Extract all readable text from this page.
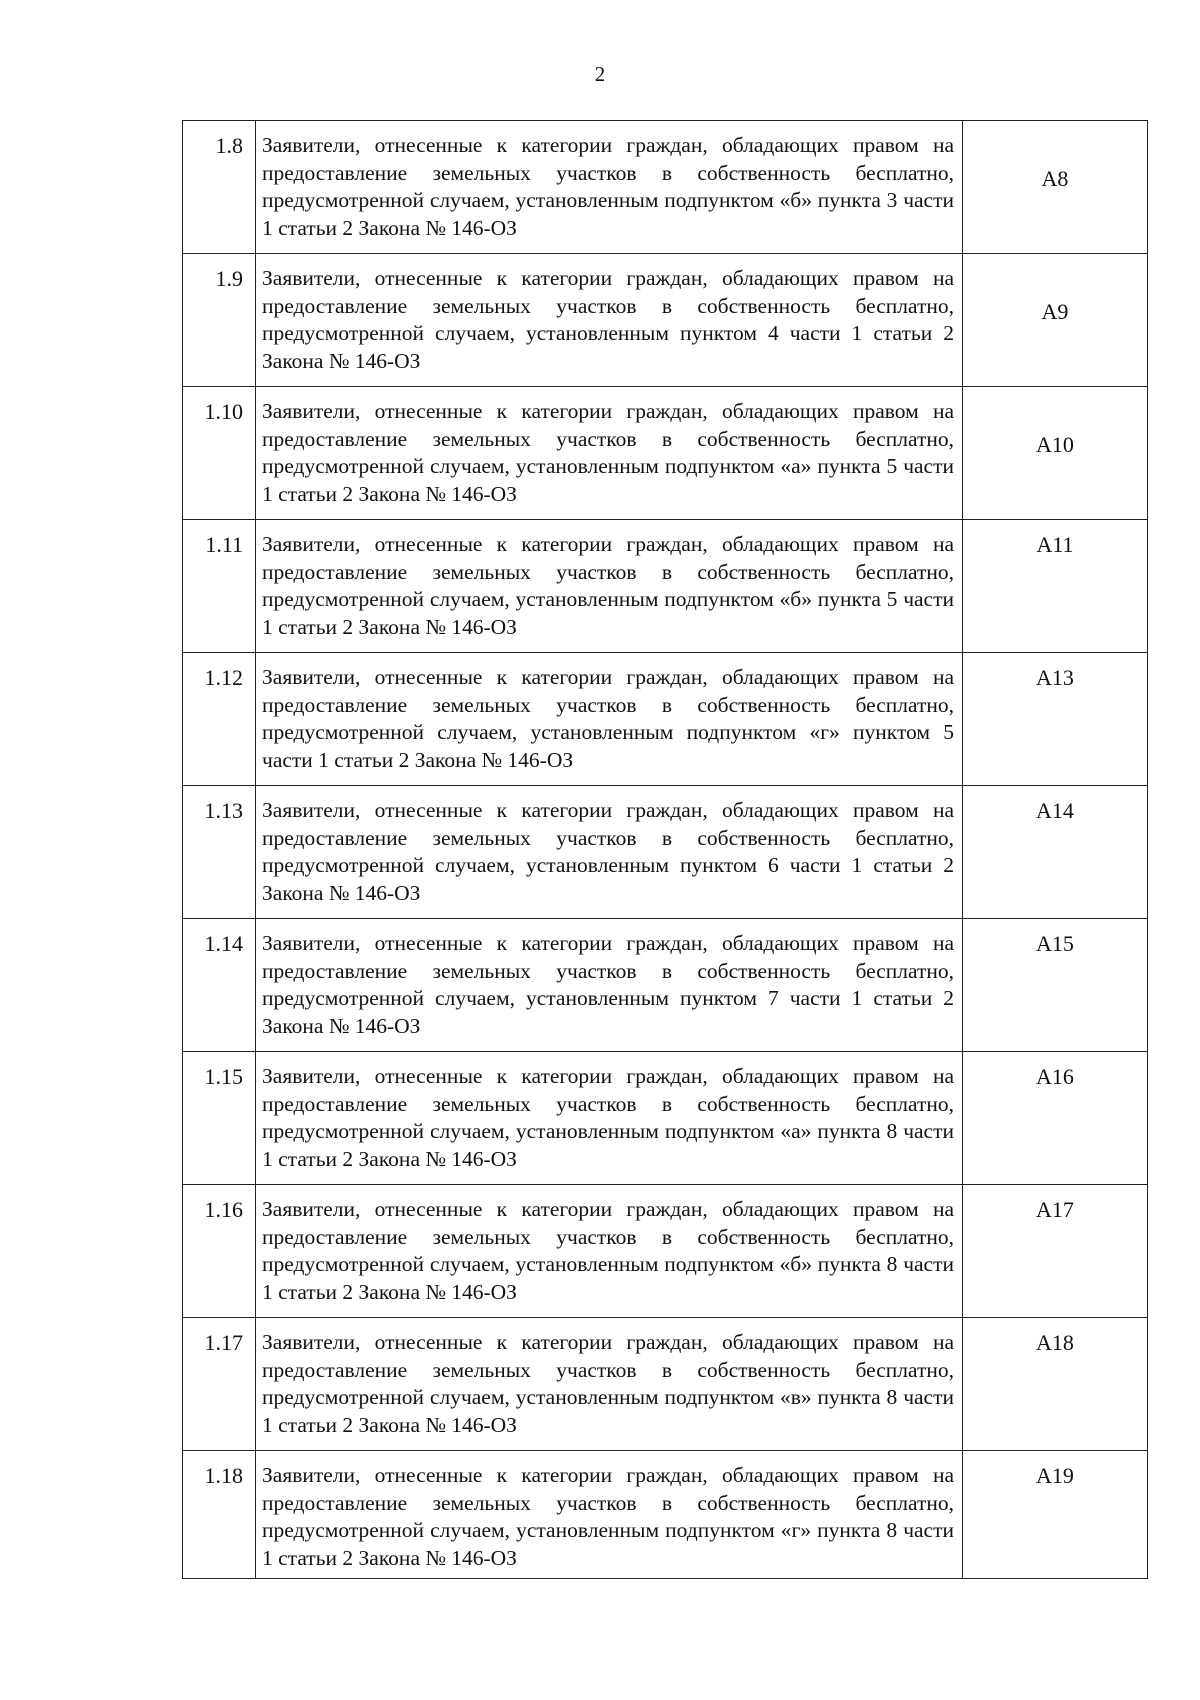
2
1.8	Заявители, отнесенные к категории граждан, обладающих правом на предоставление земельных участков в собственность бесплатно, предусмотренной случаем, установленным подпунктом «б» пункта 3 части 1 статьи 2 Закона № 146-ОЗ	А8
1.9	Заявители, отнесенные к категории граждан, обладающих правом на предоставление земельных участков в собственность бесплатно, предусмотренной случаем, установленным пунктом 4 части 1 статьи 2 Закона № 146-ОЗ	А9
1.10	Заявители, отнесенные к категории граждан, обладающих правом на предоставление земельных участков в собственность бесплатно, предусмотренной случаем, установленным подпунктом «а» пункта 5 части 1 статьи 2 Закона № 146-ОЗ	А10
1.11	Заявители, отнесенные к категории граждан, обладающих правом на предоставление земельных участков в собственность бесплатно, предусмотренной случаем, установленным подпунктом «б» пункта 5 части 1 статьи 2 Закона № 146-ОЗ	А11
1.12	Заявители, отнесенные к категории граждан, обладающих правом на предоставление земельных участков в собственность бесплатно, предусмотренной случаем, установленным подпунктом «г» пунктом 5 части 1 статьи 2 Закона № 146-ОЗ	А13
1.13	Заявители, отнесенные к категории граждан, обладающих правом на предоставление земельных участков в собственность бесплатно, предусмотренной случаем, установленным пунктом 6 части 1 статьи 2 Закона № 146-ОЗ	А14
1.14	Заявители, отнесенные к категории граждан, обладающих правом на предоставление земельных участков в собственность бесплатно, предусмотренной случаем, установленным пунктом 7 части 1 статьи 2 Закона № 146-ОЗ	А15
1.15	Заявители, отнесенные к категории граждан, обладающих правом на предоставление земельных участков в собственность бесплатно, предусмотренной случаем, установленным подпунктом «а» пункта 8 части 1 статьи 2 Закона № 146-ОЗ	А16
1.16	Заявители, отнесенные к категории граждан, обладающих правом на предоставление земельных участков в собственность бесплатно, предусмотренной случаем, установленным подпунктом «б» пункта 8 части 1 статьи 2 Закона № 146-ОЗ	А17
1.17	Заявители, отнесенные к категории граждан, обладающих правом на предоставление земельных участков в собственность бесплатно, предусмотренной случаем, установленным подпунктом «в» пункта 8 части 1 статьи 2 Закона № 146-ОЗ	А18
1.18	Заявители, отнесенные к категории граждан, обладающих правом на предоставление земельных участков в собственность бесплатно, предусмотренной случаем, установленным подпунктом «г» пункта 8 части 1 статьи 2 Закона № 146-ОЗ	А19
